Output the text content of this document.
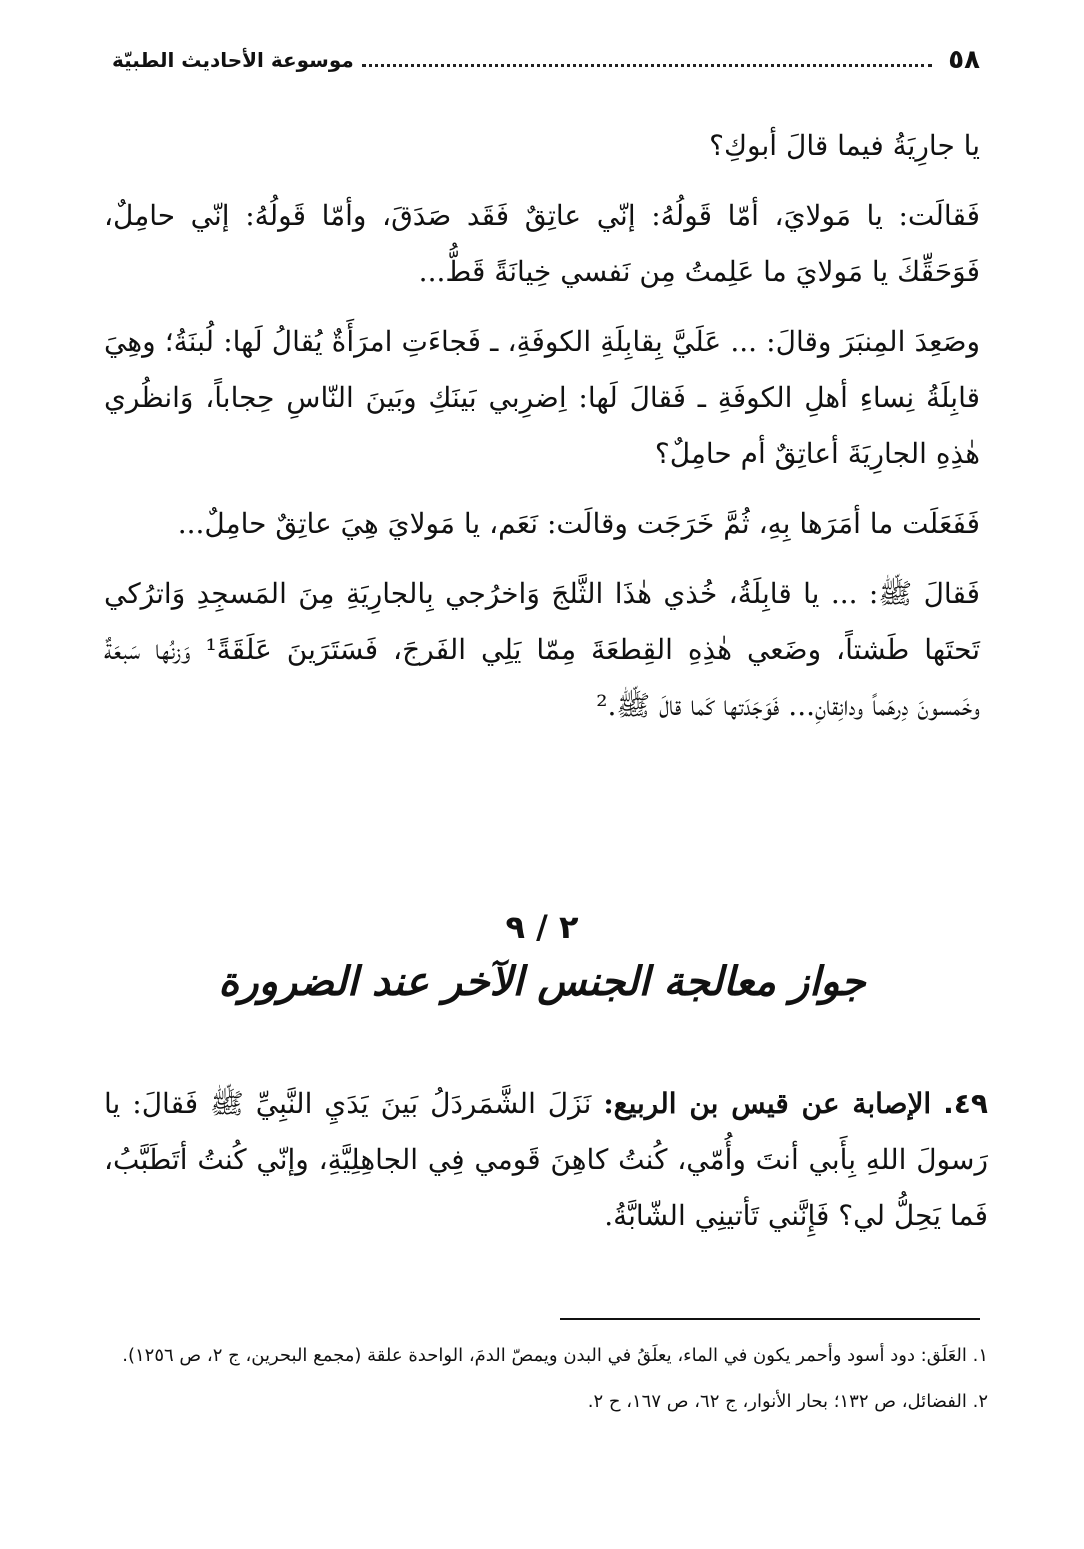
٥٨
موسوعة الأحاديث الطبيّة

يا جارِيَةُ فيما قالَ أبوكِ؟

فَقالَت: يا مَولايَ، أمّا قَولُهُ: إنّي عاتِقٌ فَقَد صَدَقَ، وأمّا قَولُهُ: إنّي حامِلٌ، فَوَحَقِّكَ يا مَولايَ ما عَلِمتُ مِن نَفسي خِيانَةً قَطُّ...

وصَعِدَ المِنبَرَ وقالَ: ... عَلَيَّ بِقابِلَةِ الكوفَةِ، ـ فَجاءَتِ امرَأَةٌ يُقالُ لَها: لُبنَةُ؛ وهِيَ قابِلَةُ نِساءِ أهلِ الكوفَةِ ـ فَقالَ لَها: اِضرِبي بَينَكِ وبَينَ النّاسِ حِجاباً، وَانظُري هٰذِهِ الجارِيَةَ أعاتِقٌ أم حامِلٌ؟

فَفَعَلَت ما أمَرَها بِهِ، ثُمَّ خَرَجَت وقالَت: نَعَم، يا مَولايَ هِيَ عاتِقٌ حامِلٌ...

فَقالَ ﷺ: ... يا قابِلَةُ، خُذي هٰذَا الثَّلجَ وَاخرُجي بِالجارِيَةِ مِنَ المَسجِدِ وَاترُكي تَحتَها طَشتاً، وضَعي هٰذِهِ القِطعَةَ مِمّا يَلِي الفَرجَ، فَسَتَرَينَ عَلَقَةً¹ وَزنُها سَبعَةٌ وخَمسونَ دِرهَماً ودانِقانِ... فَوَجَدَتها كَما قالَ ﷺ.²

٢ / ٩
جواز معالجة الجنس الآخر عند الضرورة
٤٩. الإصابة عن قيس بن الربيع: نَزَلَ الشَّمَردَلُ بَينَ يَدَيِ النَّبِيِّ ﷺ فَقالَ: يا رَسولَ اللهِ بِأَبي أنتَ وأُمّي، كُنتُ كاهِنَ قَومي فِي الجاهِلِيَّةِ، وإنّي كُنتُ أتَطَبَّبُ، فَما يَحِلُّ لي؟ فَإِنَّني تَأتينِي الشّابَّةُ.

١. العَلَق: دود أسود وأحمر يكون في الماء، يعلَقُ في البدن ويمصّ الدمَ، الواحدة علقة (مجمع البحرين، ج ٢، ص ١٢٥٦).

٢. الفضائل، ص ١٣٢؛ بحار الأنوار، ج ٦٢، ص ١٦٧، ح ٢.
